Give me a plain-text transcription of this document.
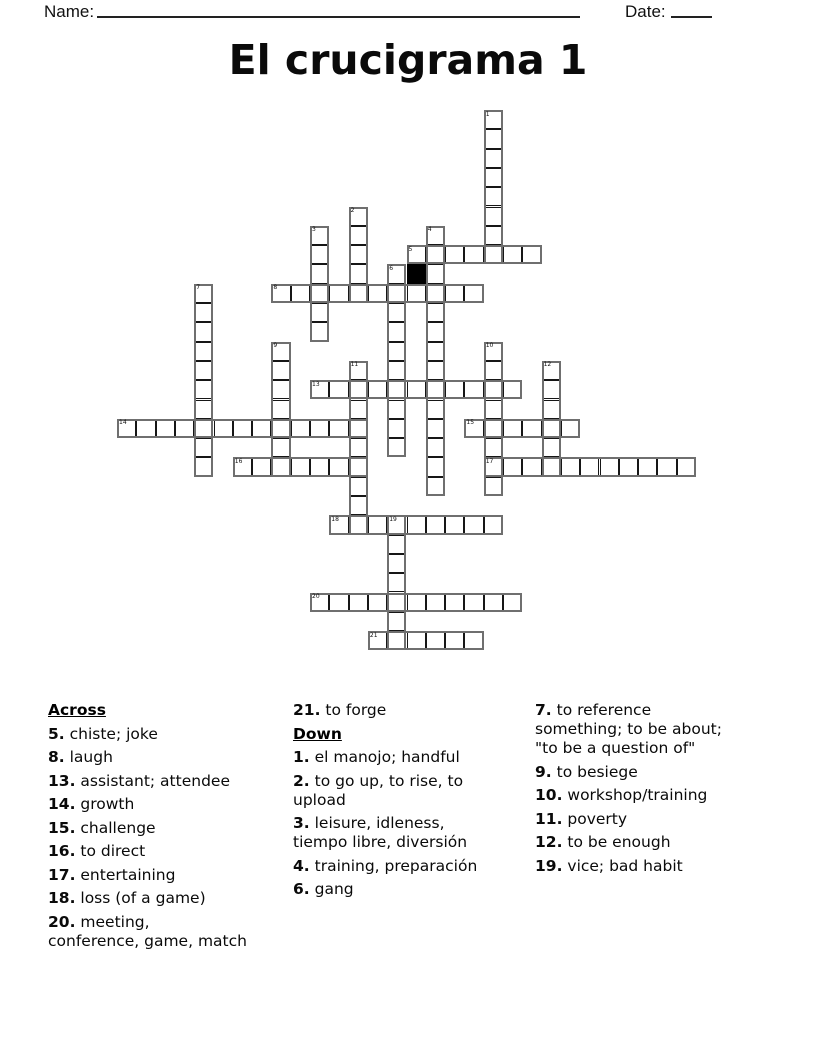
Name:	Date:
El crucigrama 1
1
2
3	4
5
6
7	8
9	10
11	12
13
14	15
16	17
18	19
20
21
Across
5. chiste; joke
8. laugh
13. assistant; attendee
14. growth
15. challenge
16. to direct
17. entertaining
18. loss (of a game)
20. meeting,
conference, game, match
21. to forge
Down
1. el manojo; handful
2. to go up, to rise, to
upload
3. leisure, idleness,
tiempo libre, diversión
4. training, preparación
6. gang
7. to reference
something; to be about;
"to be a question of"
9. to besiege
10. workshop/training
11. poverty
12. to be enough
19. vice; bad habit
